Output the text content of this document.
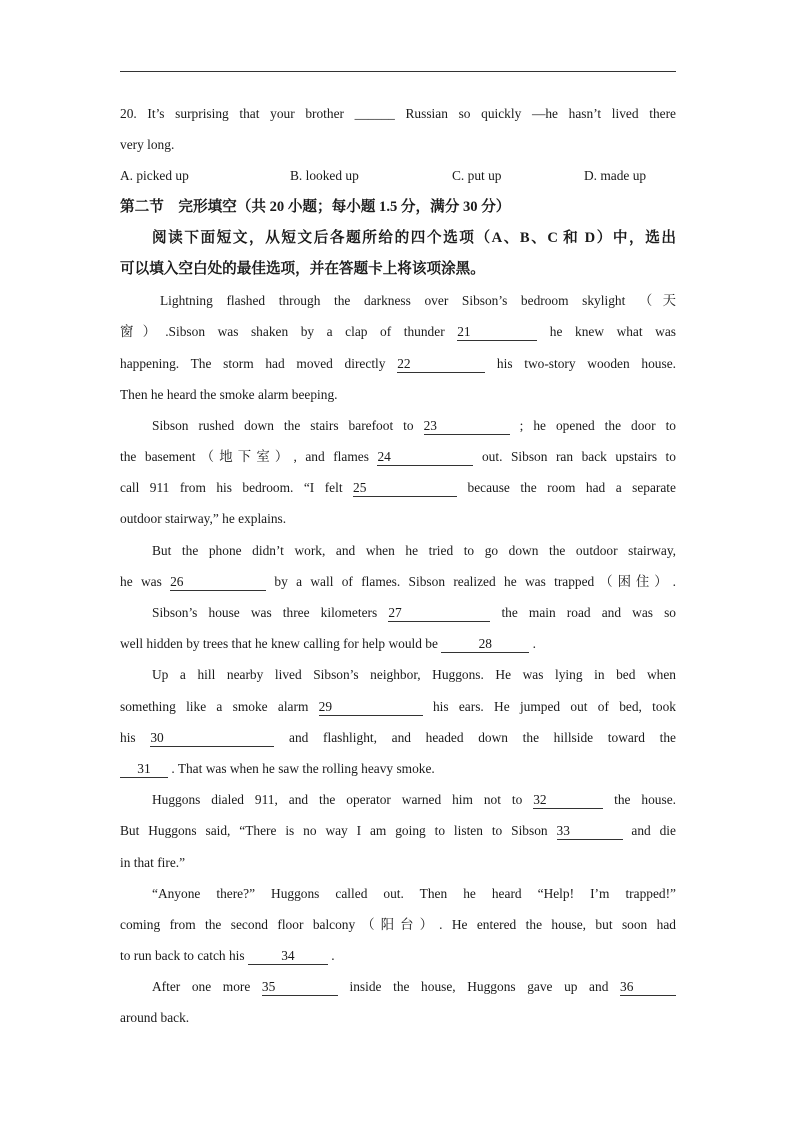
20. It’s surprising that your brother ______ Russian so quickly —he hasn’t lived there
very long.
A. picked up	B. looked up	C. put up	D. made up
第二节　完形填空（共 20 小题；每小题 1.5 分，满分 30 分）
阅读下面短文，从短文后各题所给的四个选项（A、B、C 和 D）中，选出
可以填入空白处的最佳选项，并在答题卡上将该项涂黑。
Lightning flashed through the darkness over Sibson’s bedroom skylight （天
窗）.Sibson was shaken by a clap of thunder 21	he knew what was
happening. The storm had moved directly 22	his two-story wooden house.
Then he heard the smoke alarm beeping.
Sibson rushed down the stairs barefoot to 23	; he opened the door to
the basement（地下室）, and flames 24	out. Sibson ran back upstairs to
call 911 from his bedroom. “I felt 25	because the room had a separate
outdoor stairway,” he explains.
But the phone didn’t work, and when he tried to go down the outdoor stairway,
he was 26	by a wall of flames. Sibson realized he was trapped（困住）.
Sibson’s house was three kilometers 27	the main road and was so
well hidden by trees that he knew calling for help would be	28	.
Up a hill nearby lived Sibson’s neighbor, Huggons. He was lying in bed when
something like a smoke alarm 29	his ears. He jumped out of bed, took
his 30	and flashlight, and headed down the hillside toward the
31 . That was when he saw the rolling heavy smoke.
Huggons dialed 911, and the operator warned him not to 32	the house.
But Huggons said, “There is no way I am going to listen to Sibson 33	and die
in that fire.”
“Anyone there?” Huggons called out. Then he heard “Help! I’m trapped!”
coming from the second floor balcony（阳台）. He entered the house, but soon had
to run back to catch his	34	.
After one more 35	inside the house, Huggons gave up and 36
around back.
